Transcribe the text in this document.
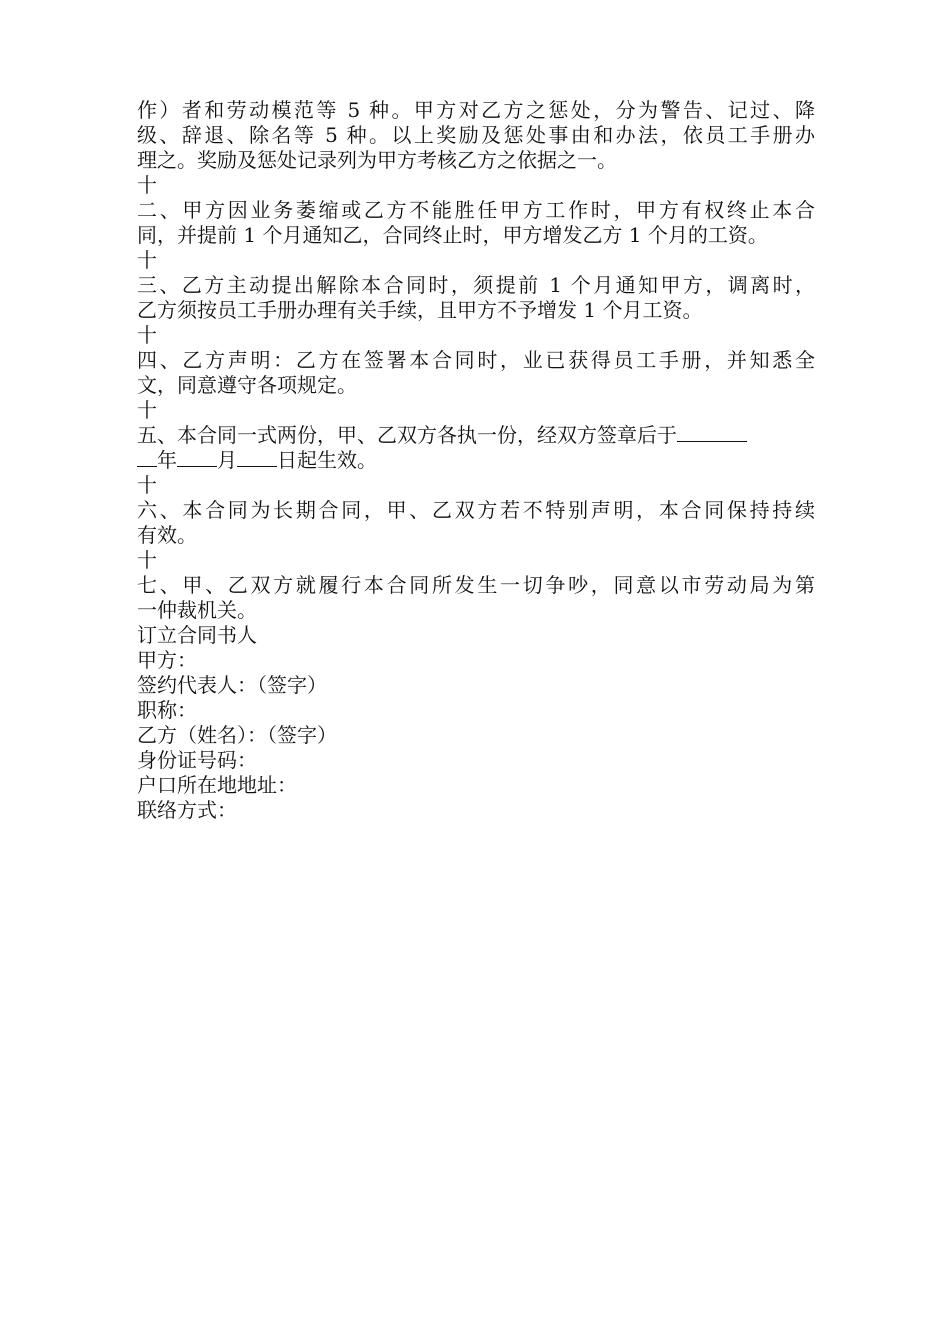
作）者和劳动模范等 5 种。甲方对乙方之惩处，分为警告、记过、降
级、辞退、除名等 5 种。以上奖励及惩处事由和办法，依员工手册办
理之。奖励及惩处记录列为甲方考核乙方之依据之一。
十
二、甲方因业务萎缩或乙方不能胜任甲方工作时，甲方有权终止本合
同，并提前 1 个月通知乙，合同终止时，甲方增发乙方 1 个月的工资。
十
三、乙方主动提出解除本合同时，须提前 1 个月通知甲方，调离时，
乙方须按员工手册办理有关手续，且甲方不予增发 1 个月工资。
十
四、乙方声明：乙方在签署本合同时，业已获得员工手册，并知悉全
文，同意遵守各项规定。
十
五、本合同一式两份，甲、乙双方各执一份，经双方签章后于
年 月 日起生效。
十
六、本合同为长期合同，甲、乙双方若不特别声明，本合同保持持续
有效。
十
七、甲、乙双方就履行本合同所发生一切争吵，同意以市劳动局为第
一仲裁机关。
订立合同书人
甲方：
签约代表人：（签字）
职称：
乙方（姓名）：（签字）
身份证号码：
户口所在地地址：
联络方式：
